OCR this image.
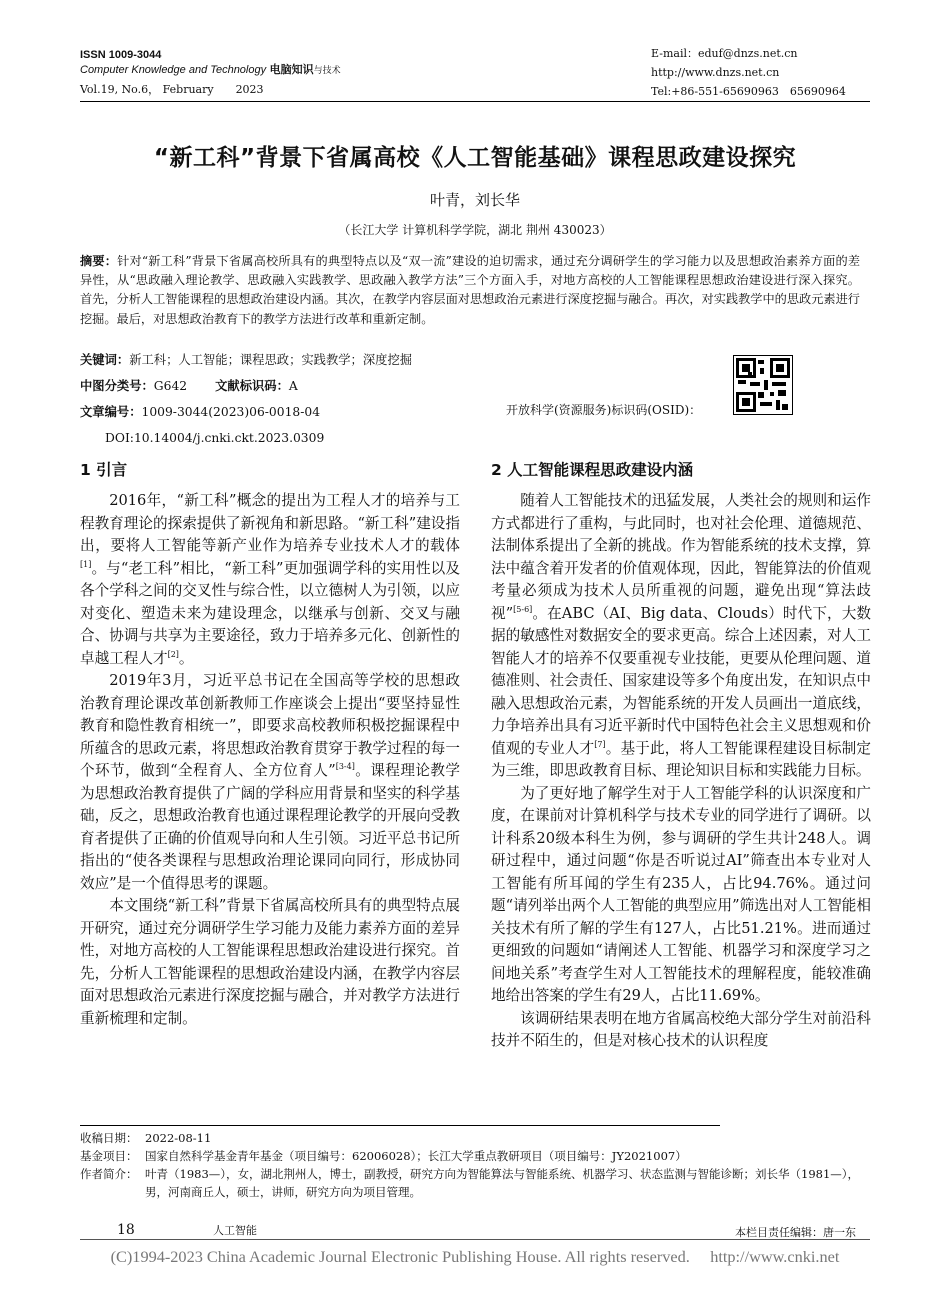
ISSN 1009-3044
Computer Knowledge and Technology 电脑知识与技术
Vol.19, No.6， February　　2023
E-mail：eduf@dnzs.net.cn
http://www.dnzs.net.cn
Tel:+86-551-65690963　65690964
“新工科”背景下省属高校《人工智能基础》课程思政建设探究
叶青，刘长华
（长江大学 计算机科学学院，湖北 荆州 430023）
摘要：针对“新工科”背景下省属高校所具有的典型特点以及“双一流”建设的迫切需求，通过充分调研学生的学习能力以及思想政治素养方面的差异性，从“思政融入理论教学、思政融入实践教学、思政融入教学方法”三个方面入手，对地方高校的人工智能课程思想政治建设进行深入探究。首先，分析人工智能课程的思想政治建设内涵。其次，在教学内容层面对思想政治元素进行深度挖掘与融合。再次，对实践教学中的思政元素进行挖掘。最后，对思想政治教育下的教学方法进行改革和重新定制。
关键词：新工科；人工智能；课程思政；实践教学；深度挖掘
中图分类号：G642 文献标识码：A
文章编号：1009-3044(2023)06-0018-04
DOI:10.14004/j.cnki.ckt.2023.0309
开放科学(资源服务)标识码(OSID)：
1 引言

2016年，“新工科”概念的提出为工程人才的培养与工程教育理论的探索提供了新视角和新思路。“新工科”建设指出，要将人工智能等新产业作为培养专业技术人才的载体[1]。与“老工科”相比，“新工科”更加强调学科的实用性以及各个学科之间的交叉性与综合性，以立德树人为引领，以应对变化、塑造未来为建设理念，以继承与创新、交叉与融合、协调与共享为主要途径，致力于培养多元化、创新性的卓越工程人才[2]。

2019年3月，习近平总书记在全国高等学校的思想政治教育理论课改革创新教师工作座谈会上提出“要坚持显性教育和隐性教育相统一”，即要求高校教师积极挖掘课程中所蕴含的思政元素，将思想政治教育贯穿于教学过程的每一个环节，做到“全程育人、全方位育人”[3-4]。课程理论教学为思想政治教育提供了广阔的学科应用背景和坚实的科学基础，反之，思想政治教育也通过课程理论教学的开展向受教育者提供了正确的价值观导向和人生引领。习近平总书记所指出的“使各类课程与思想政治理论课同向同行，形成协同效应”是一个值得思考的课题。

本文围绕“新工科”背景下省属高校所具有的典型特点展开研究，通过充分调研学生学习能力及能力素养方面的差异性，对地方高校的人工智能课程思想政治建设进行探究。首先，分析人工智能课程的思想政治建设内涵，在教学内容层面对思想政治元素进行深度挖掘与融合，并对教学方法进行重新梳理和定制。

2 人工智能课程思政建设内涵

随着人工智能技术的迅猛发展，人类社会的规则和运作方式都进行了重构，与此同时，也对社会伦理、道德规范、法制体系提出了全新的挑战。作为智能系统的技术支撑，算法中蕴含着开发者的价值观体现，因此，智能算法的价值观考量必须成为技术人员所重视的问题，避免出现“算法歧视”[5-6]。在ABC（AI、Big data、Clouds）时代下，大数据的敏感性对数据安全的要求更高。综合上述因素，对人工智能人才的培养不仅要重视专业技能，更要从伦理问题、道德准则、社会责任、国家建设等多个角度出发，在知识点中融入思想政治元素，为智能系统的开发人员画出一道底线，力争培养出具有习近平新时代中国特色社会主义思想观和价值观的专业人才[7]。基于此，将人工智能课程建设目标制定为三维，即思政教育目标、理论知识目标和实践能力目标。

为了更好地了解学生对于人工智能学科的认识深度和广度，在课前对计算机科学与技术专业的同学进行了调研。以计科系20级本科生为例，参与调研的学生共计248人。调研过程中，通过问题“你是否听说过AI”筛查出本专业对人工智能有所耳闻的学生有235人，占比94.76%。通过问题“请列举出两个人工智能的典型应用”筛选出对人工智能相关技术有所了解的学生有127人，占比51.21%。进而通过更细致的问题如“请阐述人工智能、机器学习和深度学习之间地关系”考查学生对人工智能技术的理解程度，能较准确地给出答案的学生有29人，占比11.69%。

该调研结果表明在地方省属高校绝大部分学生对前沿科技并不陌生的，但是对核心技术的认识程度

收稿日期： 2022-08-11
基金项目： 国家自然科学基金青年基金（项目编号：62006028）；长江大学重点教研项目（项目编号：JY2021007）
作者简介： 叶青（1983—），女，湖北荆州人，博士，副教授，研究方向为智能算法与智能系统、机器学习、状态监测与智能诊断；刘长华（1981—），男，河南商丘人，硕士，讲师，研究方向为项目管理。
18	人工智能	本栏目责任编辑：唐一东
(C)1994-2023 China Academic Journal Electronic Publishing House. All rights reserved.　 http://www.cnki.net
